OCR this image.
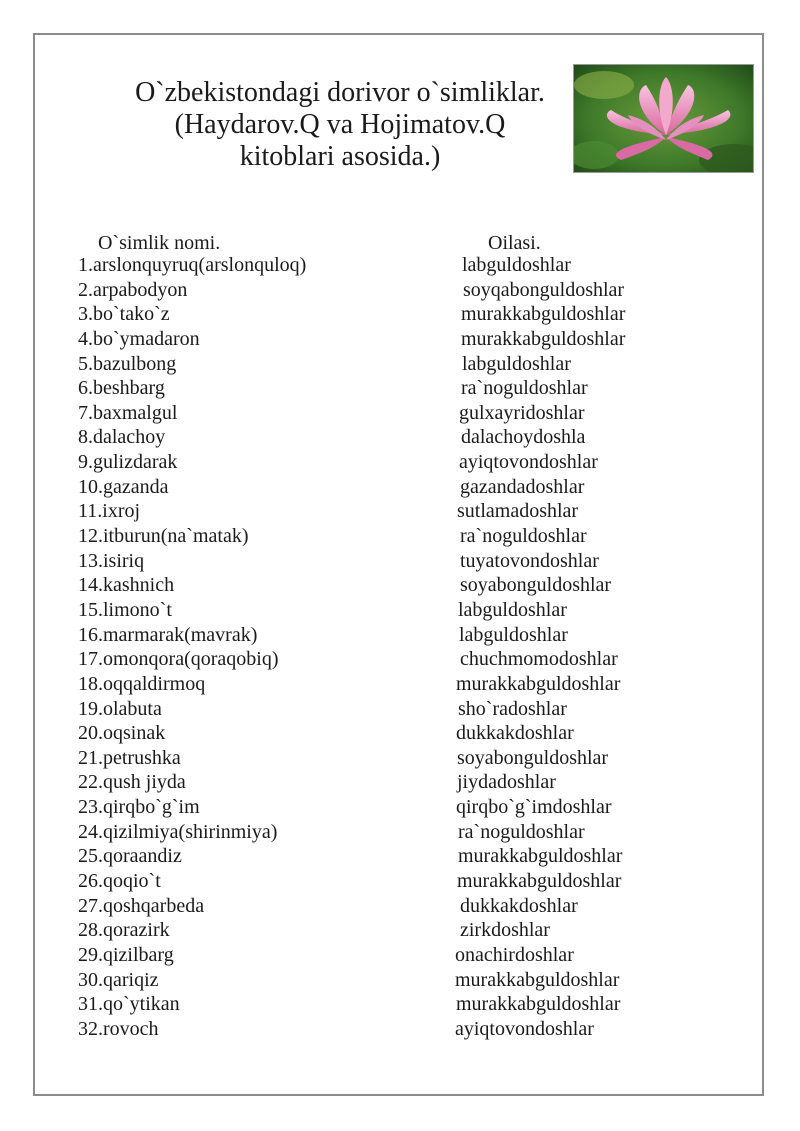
O`zbekistondagi dorivor o`simliklar.
(Haydarov.Q va Hojimatov.Q
kitoblari asosida.)
O`simlik nomi.	Oilasi.
1.arslonquyruq(arslonquloq)	labguldoshlar
2.arpabodyon	soyqabonguldoshlar
3.bo`tako`z	murakkabguldoshlar
4.bo`ymadaron	murakkabguldoshlar
5.bazulbong	labguldoshlar
6.beshbarg	ra`noguldoshlar
7.baxmalgul	gulxayridoshlar
8.dalachoy	dalachoydoshla
9.gulizdarak	ayiqtovondoshlar
10.gazanda	gazandadoshlar
11.ixroj	sutlamadoshlar
12.itburun(na`matak)	ra`noguldoshlar
13.isiriq	tuyatovondoshlar
14.kashnich	soyabonguldoshlar
15.limono`t	labguldoshlar
16.marmarak(mavrak)	labguldoshlar
17.omonqora(qoraqobiq)	chuchmomodoshlar
18.oqqaldirmoq	murakkabguldoshlar
19.olabuta	sho`radoshlar
20.oqsinak	dukkakdoshlar
21.petrushka	soyabonguldoshlar
22.qush jiyda	jiydadoshlar
23.qirqbo`g`im	qirqbo`g`imdoshlar
24.qizilmiya(shirinmiya)	ra`noguldoshlar
25.qoraandiz	murakkabguldoshlar
26.qoqio`t	murakkabguldoshlar
27.qoshqarbeda	dukkakdoshlar
28.qorazirk	zirkdoshlar
29.qizilbarg	onachirdoshlar
30.qariqiz	murakkabguldoshlar
31.qo`ytikan	murakkabguldoshlar
32.rovoch	ayiqtovondoshlar
